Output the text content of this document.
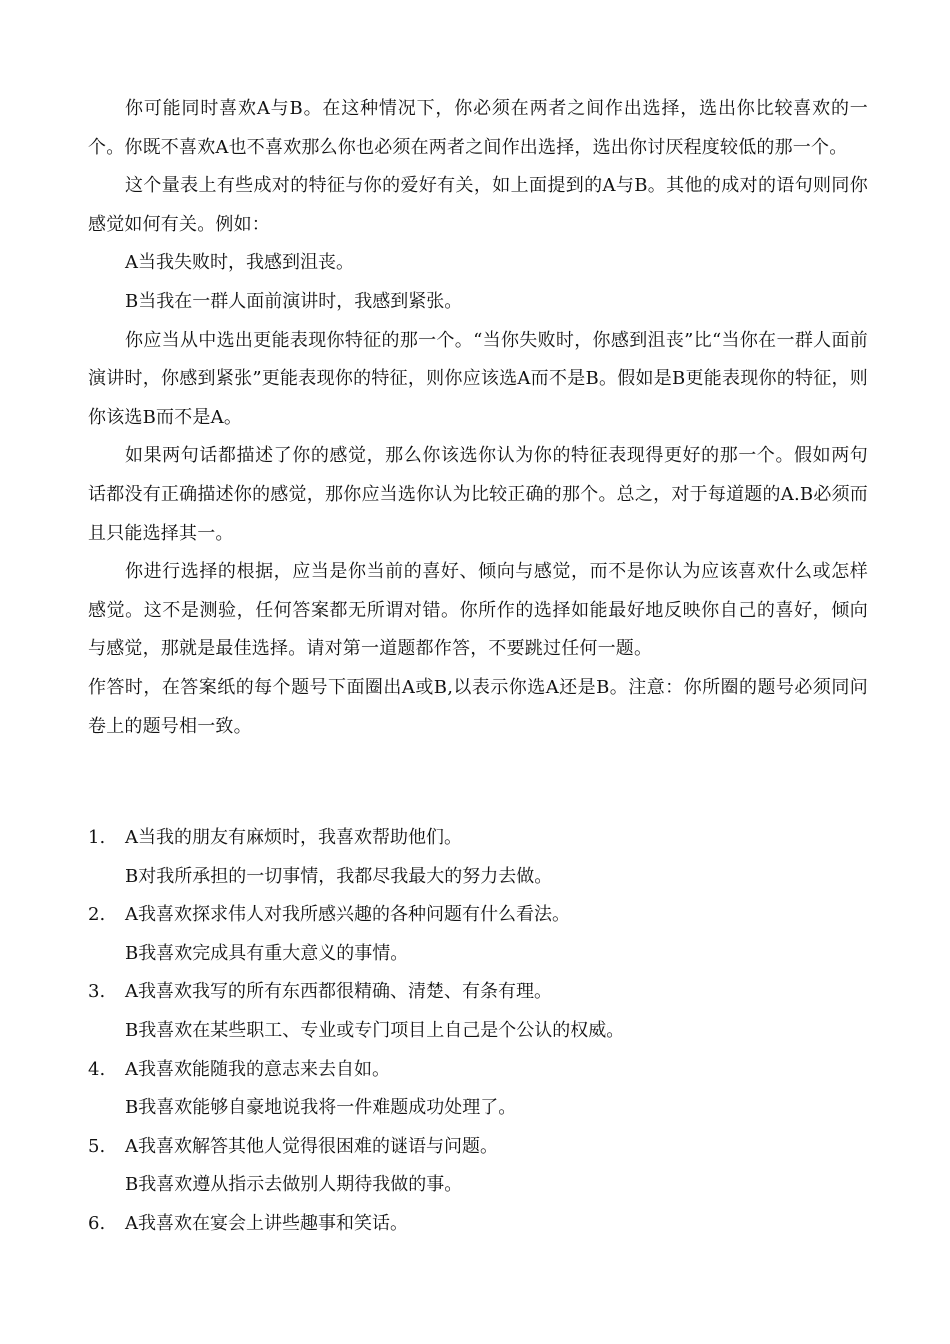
你可能同时喜欢A与B。在这种情况下，你必须在两者之间作出选择，选出你比较喜欢的一个。你既不喜欢A也不喜欢那么你也必须在两者之间作出选择，选出你讨厌程度较低的那一个。

这个量表上有些成对的特征与你的爱好有关，如上面提到的A与B。其他的成对的语句则同你感觉如何有关。例如：

A当我失败时，我感到沮丧。

B当我在一群人面前演讲时，我感到紧张。

你应当从中选出更能表现你特征的那一个。“当你失败时，你感到沮丧”比“当你在一群人面前演讲时，你感到紧张”更能表现你的特征，则你应该选A而不是B。假如是B更能表现你的特征，则你该选B而不是A。

如果两句话都描述了你的感觉，那么你该选你认为你的特征表现得更好的那一个。假如两句话都没有正确描述你的感觉，那你应当选你认为比较正确的那个。总之，对于每道题的A.B必须而且只能选择其一。

你进行选择的根据，应当是你当前的喜好、倾向与感觉，而不是你认为应该喜欢什么或怎样感觉。这不是测验，任何答案都无所谓对错。你所作的选择如能最好地反映你自己的喜好，倾向与感觉，那就是最佳选择。请对第一道题都作答，不要跳过任何一题。

作答时，在答案纸的每个题号下面圈出A或B,以表示你选A还是B。注意：你所圈的题号必须同问卷上的题号相一致。

1.	A当我的朋友有麻烦时，我喜欢帮助他们。
B对我所承担的一切事情，我都尽我最大的努力去做。
2.	A我喜欢探求伟人对我所感兴趣的各种问题有什么看法。
B我喜欢完成具有重大意义的事情。
3.	A我喜欢我写的所有东西都很精确、清楚、有条有理。
B我喜欢在某些职工、专业或专门项目上自己是个公认的权威。
4.	A我喜欢能随我的意志来去自如。
B我喜欢能够自豪地说我将一件难题成功处理了。
5.	A我喜欢解答其他人觉得很困难的谜语与问题。
B我喜欢遵从指示去做别人期待我做的事。
6.	A我喜欢在宴会上讲些趣事和笑话。
